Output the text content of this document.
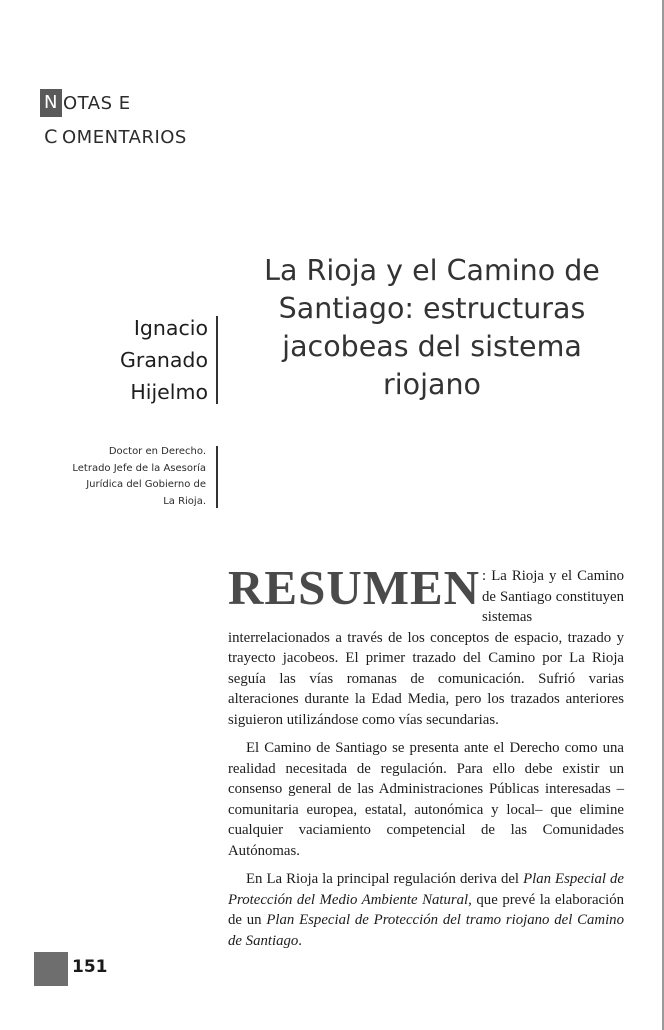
N OTAS E
C OMENTARIOS
Ignacio
Granado
Hijelmo
Doctor en Derecho.
Letrado Jefe de la Asesoría
Jurídica del Gobierno de
La Rioja.
La Rioja y el Camino de
Santiago: estructuras
jacobeas del sistema
riojano

RESUMEN : La Rioja y el Camino de Santiago constituyen sistemas interrelacionados a través de los conceptos de espacio, trazado y trayecto jacobeos. El primer trazado del Camino por La Rioja seguía las vías romanas de comunicación. Sufrió varias alteraciones durante la Edad Media, pero los trazados anteriores siguieron utilizándose como vías secundarias.

El Camino de Santiago se presenta ante el Derecho como una realidad necesitada de regulación. Para ello debe existir un consenso general de las Administraciones Públicas interesadas –comunitaria europea, estatal, autonómica y local– que elimine cualquier vaciamiento competencial de las Comunidades Autónomas.

En La Rioja la principal regulación deriva del Plan Especial de Protección del Medio Ambiente Natural, que prevé la elaboración de un Plan Especial de Protección del tramo riojano del Camino de Santiago.

151
